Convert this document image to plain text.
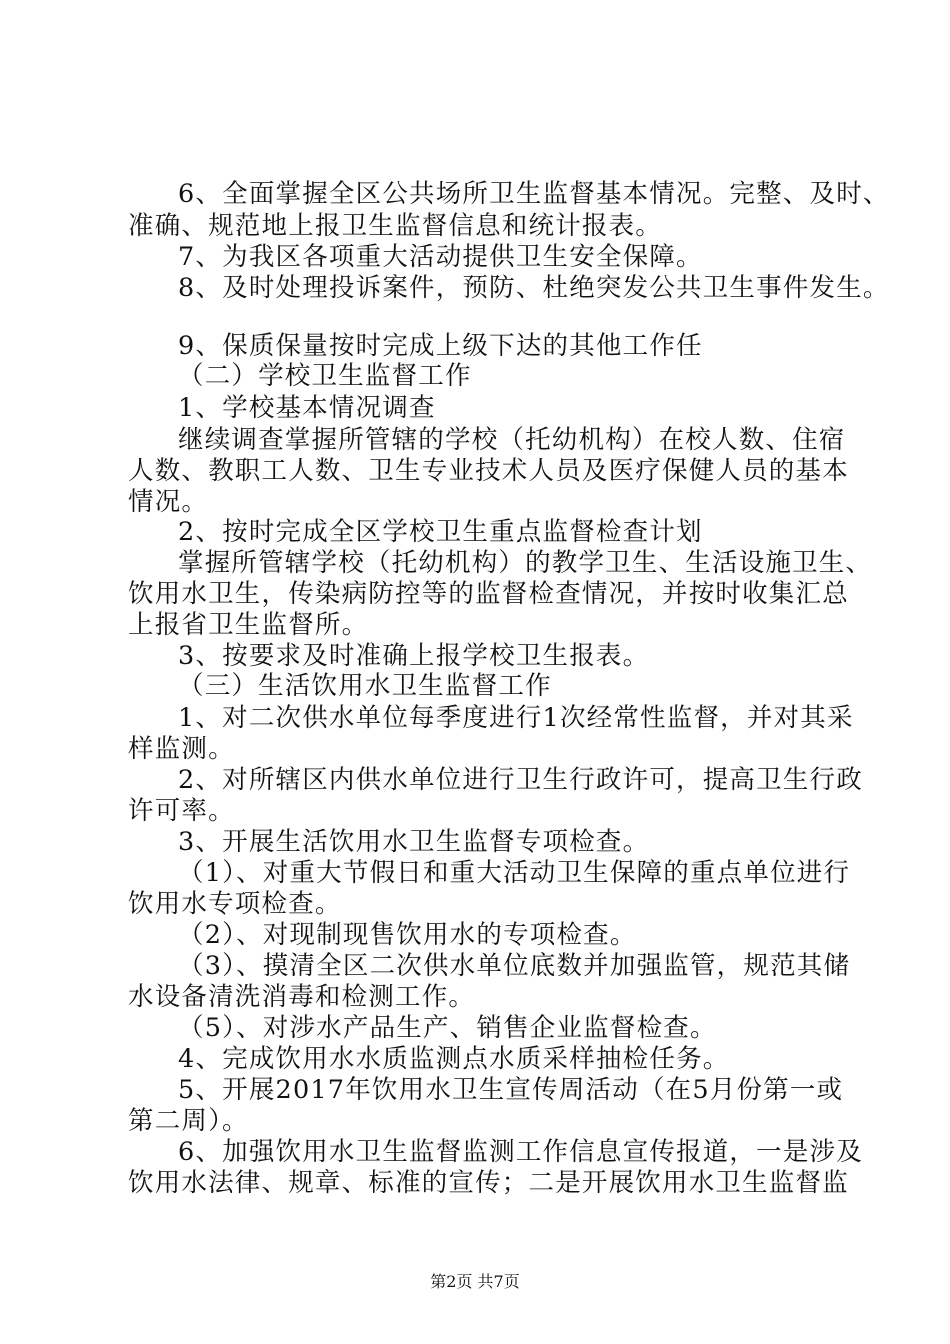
6、全面掌握全区公共场所卫生监督基本情况。完整、及时、
准确、规范地上报卫生监督信息和统计报表。
7、为我区各项重大活动提供卫生安全保障。
8、及时处理投诉案件，预防、杜绝突发公共卫生事件发生。
9、保质保量按时完成上级下达的其他工作任
（二）学校卫生监督工作
1、学校基本情况调查
继续调查掌握所管辖的学校（托幼机构）在校人数、住宿
人数、教职工人数、卫生专业技术人员及医疗保健人员的基本
情况。
2、按时完成全区学校卫生重点监督检查计划
掌握所管辖学校（托幼机构）的教学卫生、生活设施卫生、
饮用水卫生，传染病防控等的监督检查情况，并按时收集汇总
上报省卫生监督所。
3、按要求及时准确上报学校卫生报表。
（三）生活饮用水卫生监督工作
1、对二次供水单位每季度进行1次经常性监督，并对其采
样监测。
2、对所辖区内供水单位进行卫生行政许可，提高卫生行政
许可率。
3、开展生活饮用水卫生监督专项检查。
（1）、对重大节假日和重大活动卫生保障的重点单位进行
饮用水专项检查。
（2）、对现制现售饮用水的专项检查。
（3）、摸清全区二次供水单位底数并加强监管，规范其储
水设备清洗消毒和检测工作。
（5）、对涉水产品生产、销售企业监督检查。
4、完成饮用水水质监测点水质采样抽检任务。
5、开展2017年饮用水卫生宣传周活动（在5月份第一或
第二周）。
6、加强饮用水卫生监督监测工作信息宣传报道，一是涉及
饮用水法律、规章、标准的宣传；二是开展饮用水卫生监督监
第2页 共7页
